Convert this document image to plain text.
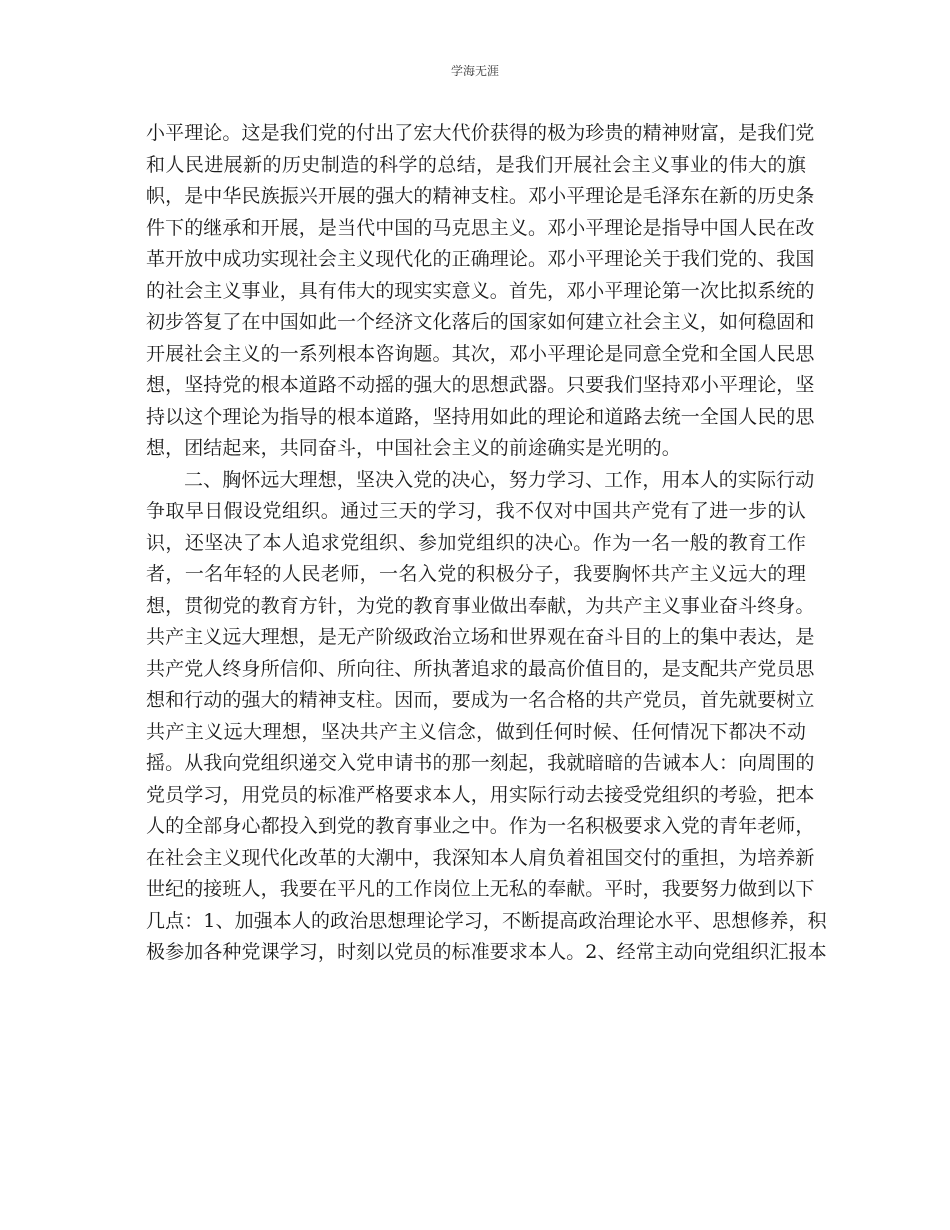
学海无涯
小平理论。这是我们党的付出了宏大代价获得的极为珍贵的精神财富，是我们党
和人民进展新的历史制造的科学的总结，是我们开展社会主义事业的伟大的旗
帜，是中华民族振兴开展的强大的精神支柱。邓小平理论是毛泽东在新的历史条
件下的继承和开展，是当代中国的马克思主义。邓小平理论是指导中国人民在改
革开放中成功实现社会主义现代化的正确理论。邓小平理论关于我们党的、我国
的社会主义事业，具有伟大的现实实意义。首先，邓小平理论第一次比拟系统的
初步答复了在中国如此一个经济文化落后的国家如何建立社会主义，如何稳固和
开展社会主义的一系列根本咨询题。其次，邓小平理论是同意全党和全国人民思
想，坚持党的根本道路不动摇的强大的思想武器。只要我们坚持邓小平理论，坚
持以这个理论为指导的根本道路，坚持用如此的理论和道路去统一全国人民的思
想，团结起来，共同奋斗，中国社会主义的前途确实是光明的。
二、胸怀远大理想，坚决入党的决心，努力学习、工作，用本人的实际行动
争取早日假设党组织。通过三天的学习，我不仅对中国共产党有了进一步的认
识，还坚决了本人追求党组织、参加党组织的决心。作为一名一般的教育工作
者，一名年轻的人民老师，一名入党的积极分子，我要胸怀共产主义远大的理
想，贯彻党的教育方针，为党的教育事业做出奉献，为共产主义事业奋斗终身。
共产主义远大理想，是无产阶级政治立场和世界观在奋斗目的上的集中表达，是
共产党人终身所信仰、所向往、所执著追求的最高价值目的，是支配共产党员思
想和行动的强大的精神支柱。因而，要成为一名合格的共产党员，首先就要树立
共产主义远大理想，坚决共产主义信念，做到任何时候、任何情况下都决不动
摇。从我向党组织递交入党申请书的那一刻起，我就暗暗的告诫本人：向周围的
党员学习，用党员的标准严格要求本人，用实际行动去接受党组织的考验，把本
人的全部身心都投入到党的教育事业之中。作为一名积极要求入党的青年老师，
在社会主义现代化改革的大潮中，我深知本人肩负着祖国交付的重担，为培养新
世纪的接班人，我要在平凡的工作岗位上无私的奉献。平时，我要努力做到以下
几点：1、加强本人的政治思想理论学习，不断提高政治理论水平、思想修养，积
极参加各种党课学习，时刻以党员的标准要求本人。2、经常主动向党组织汇报本
